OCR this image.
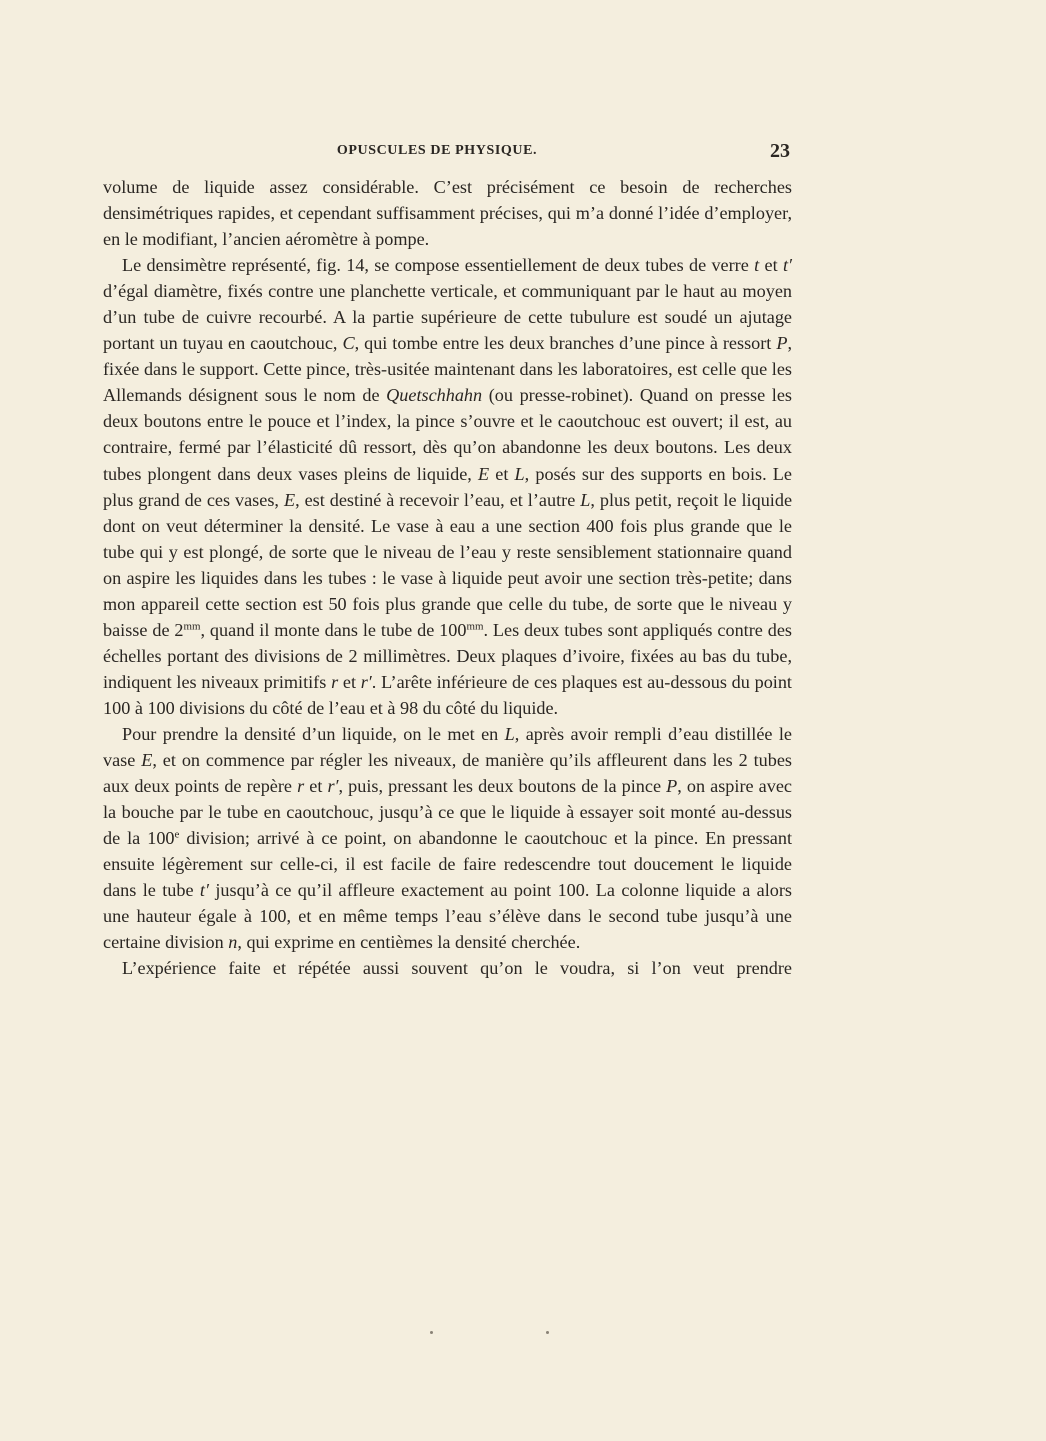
OPUSCULES DE PHYSIQUE.	23

volume de liquide assez considérable. C’est précisément ce besoin de recherches densimétriques rapides, et cependant suffisamment précises, qui m’a donné l’idée d’employer, en le modifiant, l’ancien aéromètre à pompe.

Le densimètre représenté, fig. 14, se compose essentiellement de deux tubes de verre t et t′ d’égal diamètre, fixés contre une planchette verticale, et communiquant par le haut au moyen d’un tube de cuivre recourbé. A la partie supérieure de cette tubulure est soudé un ajutage portant un tuyau en caoutchouc, C, qui tombe entre les deux branches d’une pince à ressort P, fixée dans le support. Cette pince, très-usitée maintenant dans les laboratoires, est celle que les Allemands désignent sous le nom de Quetschhahn (ou presse-robinet). Quand on presse les deux boutons entre le pouce et l’index, la pince s’ouvre et le caoutchouc est ouvert; il est, au contraire, fermé par l’élasticité dû ressort, dès qu’on abandonne les deux boutons. Les deux tubes plongent dans deux vases pleins de liquide, E et L, posés sur des supports en bois. Le plus grand de ces vases, E, est destiné à recevoir l’eau, et l’autre L, plus petit, reçoit le liquide dont on veut déterminer la densité. Le vase à eau a une section 400 fois plus grande que le tube qui y est plongé, de sorte que le niveau de l’eau y reste sensiblement stationnaire quand on aspire les liquides dans les tubes : le vase à liquide peut avoir une section très-petite; dans mon appareil cette section est 50 fois plus grande que celle du tube, de sorte que le niveau y baisse de $2^{mm}$, quand il monte dans le tube de $100^{mm}$. Les deux tubes sont appliqués contre des échelles portant des divisions de 2 millimètres. Deux plaques d’ivoire, fixées au bas du tube, indiquent les niveaux primitifs r et r′. L’arête inférieure de ces plaques est au-dessous du point 100 à 100 divisions du côté de l’eau et à 98 du côté du liquide.

Pour prendre la densité d’un liquide, on le met en L, après avoir rempli d’eau distillée le vase E, et on commence par régler les niveaux, de manière qu’ils affleurent dans les 2 tubes aux deux points de repère r et r′, puis, pressant les deux boutons de la pince P, on aspire avec la bouche par le tube en caoutchouc, jusqu’à ce que le liquide à essayer soit monté au-dessus de la 100e division; arrivé à ce point, on abandonne le caoutchouc et la pince. En pressant ensuite légèrement sur celle-ci, il est facile de faire redescendre tout doucement le liquide dans le tube t′ jusqu’à ce qu’il affleure exactement au point 100. La colonne liquide a alors une hauteur égale à 100, et en même temps l’eau s’élève dans le second tube jusqu’à une certaine division n, qui exprime en centièmes la densité cherchée.

L’expérience faite et répétée aussi souvent qu’on le voudra, si l’on veut prendre
